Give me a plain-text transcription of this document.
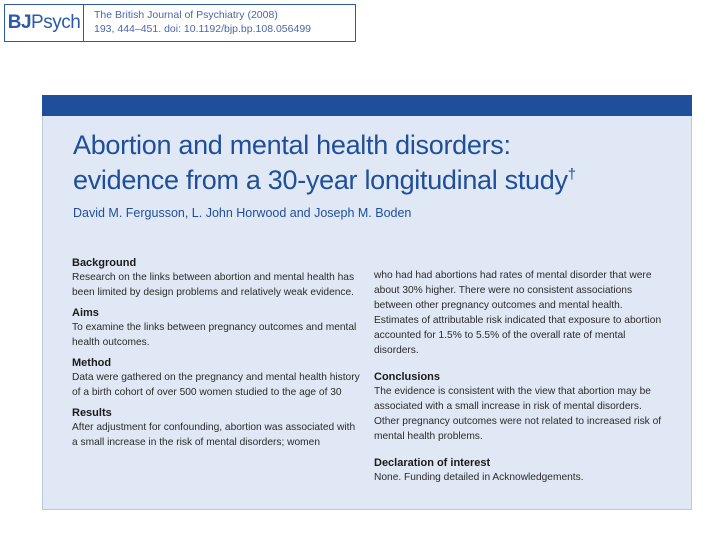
BJ Psych The British Journal of Psychiatry (2008)
193, 444–451. doi: 10.1192/bjp.bp.108.056499
Abortion and mental health disorders:
evidence from a 30-year longitudinal study†
David M. Fergusson, L. John Horwood and Joseph M. Boden

Background

Research on the links between abortion and mental health has been limited by design problems and relatively weak evidence.

Aims

To examine the links between pregnancy outcomes and mental health outcomes.

Method

Data were gathered on the pregnancy and mental health history of a birth cohort of over 500 women studied to the age of 30

Results

After adjustment for confounding, abortion was associated with a small increase in the risk of mental disorders; women

who had had abortions had rates of mental disorder that were about 30% higher. There were no consistent associations between other pregnancy outcomes and mental health. Estimates of attributable risk indicated that exposure to abortion accounted for 1.5% to 5.5% of the overall rate of mental disorders.

Conclusions

The evidence is consistent with the view that abortion may be associated with a small increase in risk of mental disorders. Other pregnancy outcomes were not related to increased risk of mental health problems.

Declaration of interest

None. Funding detailed in Acknowledgements.
